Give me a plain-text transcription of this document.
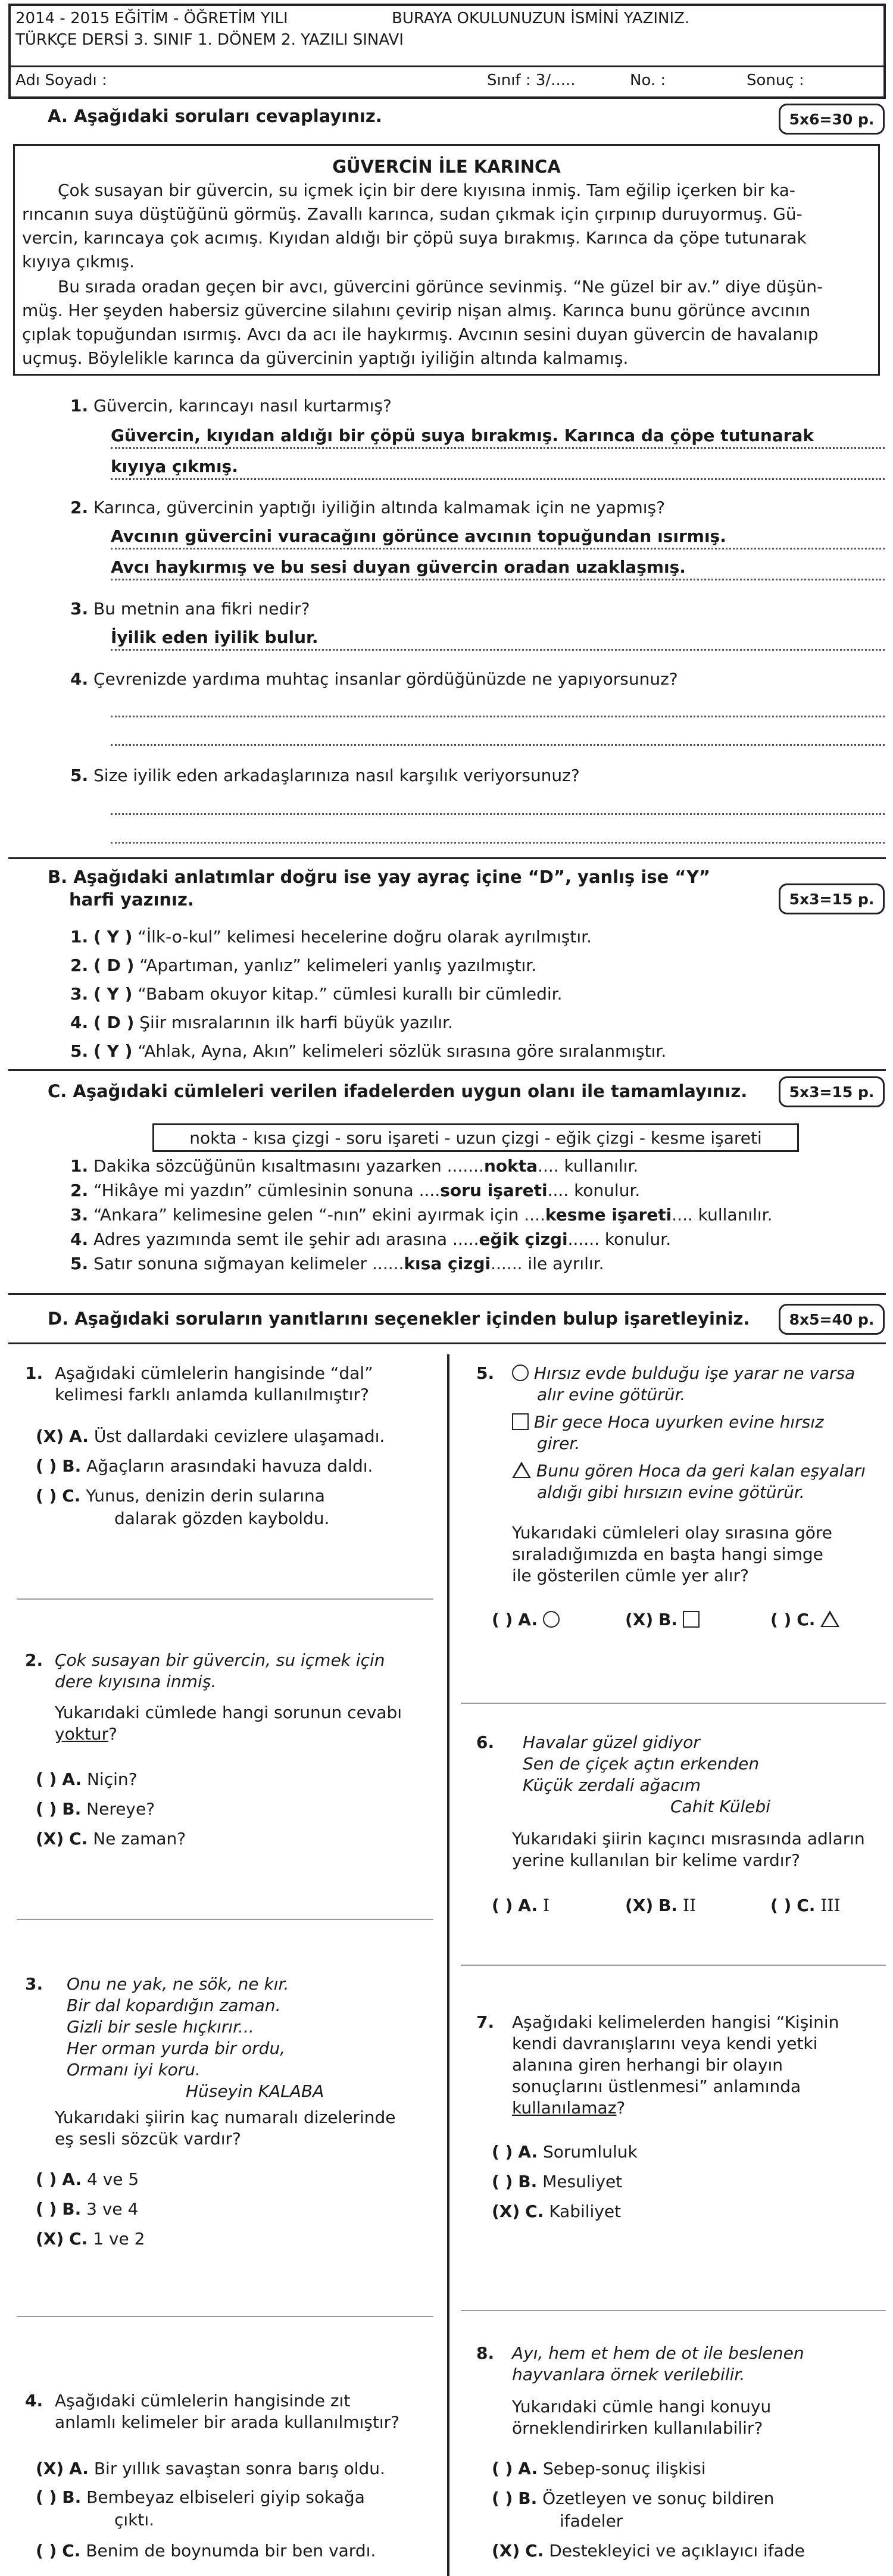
2014 - 2015 EĞİTİM - ÖĞRETİM YILI	BURAYA OKULUNUZUN İSMİNİ YAZINIZ.
TÜRKÇE DERSİ 3. SINIF 1. DÖNEM 2. YAZILI SINAVI
Adı Soyadı :	Sınıf : 3/.....	No. :	Sonuç :
A. Aşağıdaki soruları cevaplayınız.	5x6=30 p.
GÜVERCİN İLE KARINCA
Çok susayan bir güvercin, su içmek için bir dere kıyısına inmiş. Tam eğilip içerken bir ka-
rıncanın suya düştüğünü görmüş. Zavallı karınca, sudan çıkmak için çırpınıp duruyormuş. Gü-
vercin, karıncaya çok acımış. Kıyıdan aldığı bir çöpü suya bırakmış. Karınca da çöpe tutunarak
kıyıya çıkmış.
Bu sırada oradan geçen bir avcı, güvercini görünce sevinmiş. “Ne güzel bir av.” diye düşün-
müş. Her şeyden habersiz güvercine silahını çevirip nişan almış. Karınca bunu görünce avcının
çıplak topuğundan ısırmış. Avcı da acı ile haykırmış. Avcının sesini duyan güvercin de havalanıp
uçmuş. Böylelikle karınca da güvercinin yaptığı iyiliğin altında kalmamış.
1. Güvercin, karıncayı nasıl kurtarmış?
Güvercin, kıyıdan aldığı bir çöpü suya bırakmış. Karınca da çöpe tutunarak
kıyıya çıkmış.
2. Karınca, güvercinin yaptığı iyiliğin altında kalmamak için ne yapmış?
Avcının güvercini vuracağını görünce avcının topuğundan ısırmış.
Avcı haykırmış ve bu sesi duyan güvercin oradan uzaklaşmış.
3. Bu metnin ana fikri nedir?
İyilik eden iyilik bulur.
4. Çevrenizde yardıma muhtaç insanlar gördüğünüzde ne yapıyorsunuz?
5. Size iyilik eden arkadaşlarınıza nasıl karşılık veriyorsunuz?
B. Aşağıdaki anlatımlar doğru ise yay ayraç içine “D”, yanlış ise “Y”
harfi yazınız.	5x3=15 p.
1. ( Y ) “İlk-o-kul” kelimesi hecelerine doğru olarak ayrılmıştır.
2. ( D ) “Apartıman, yanlız” kelimeleri yanlış yazılmıştır.
3. ( Y ) “Babam okuyor kitap.” cümlesi kurallı bir cümledir.
4. ( D ) Şiir mısralarının ilk harfi büyük yazılır.
5. ( Y ) “Ahlak, Ayna, Akın” kelimeleri sözlük sırasına göre sıralanmıştır.
C. Aşağıdaki cümleleri verilen ifadelerden uygun olanı ile tamamlayınız.	5x3=15 p.
nokta - kısa çizgi - soru işareti - uzun çizgi - eğik çizgi - kesme işareti
1. Dakika sözcüğünün kısaltmasını yazarken .......nokta.... kullanılır.
2. “Hikâye mi yazdın” cümlesinin sonuna ....soru işareti.... konulur.
3. “Ankara” kelimesine gelen “-nın” ekini ayırmak için ....kesme işareti.... kullanılır.
4. Adres yazımında semt ile şehir adı arasına .....eğik çizgi...... konulur.
5. Satır sonuna sığmayan kelimeler ......kısa çizgi...... ile ayrılır.
D. Aşağıdaki soruların yanıtlarını seçenekler içinden bulup işaretleyiniz.	8x5=40 p.
1. Aşağıdaki cümlelerin hangisinde “dal”
kelimesi farklı anlamda kullanılmıştır?
(X) A. Üst dallardaki cevizlere ulaşamadı.
( ) B. Ağaçların arasındaki havuza daldı.
( ) C. Yunus, denizin derin sularına
dalarak gözden kayboldu.
2. Çok susayan bir güvercin, su içmek için
dere kıyısına inmiş.
Yukarıdaki cümlede hangi sorunun cevabı
yoktur?
( ) A. Niçin?
( ) B. Nereye?
(X) C. Ne zaman?
3. Onu ne yak, ne sök, ne kır.
Bir dal kopardığın zaman.
Gizli bir sesle hıçkırır...
Her orman yurda bir ordu,
Ormanı iyi koru.
Hüseyin KALABA
Yukarıdaki şiirin kaç numaralı dizelerinde
eş sesli sözcük vardır?
( ) A. 4 ve 5
( ) B. 3 ve 4
(X) C. 1 ve 2
4. Aşağıdaki cümlelerin hangisinde zıt
anlamlı kelimeler bir arada kullanılmıştır?
(X) A. Bir yıllık savaştan sonra barış oldu.
( ) B. Bembeyaz elbiseleri giyip sokağa
çıktı.
( ) C. Benim de boynumda bir ben vardı.
5.	Hırsız evde bulduğu işe yarar ne varsa
alır evine götürür.
Bir gece Hoca uyurken evine hırsız
girer.
Bunu gören Hoca da geri kalan eşyaları
aldığı gibi hırsızın evine götürür.
Yukarıdaki cümleleri olay sırasına göre
sıraladığımızda en başta hangi simge
ile gösterilen cümle yer alır?
( ) A.	(X) B.	( ) C.
6. Havalar güzel gidiyor
Sen de çiçek açtın erkenden
Küçük zerdali ağacım
Cahit Külebi
Yukarıdaki şiirin kaçıncı mısrasında adların
yerine kullanılan bir kelime vardır?
( ) A. I	(X) B. II	( ) C. III
7. Aşağıdaki kelimelerden hangisi “Kişinin
kendi davranışlarını veya kendi yetki
alanına giren herhangi bir olayın
sonuçlarını üstlenmesi” anlamında
kullanılamaz?
( ) A. Sorumluluk
( ) B. Mesuliyet
(X) C. Kabiliyet
8. Ayı, hem et hem de ot ile beslenen
hayvanlara örnek verilebilir.
Yukarıdaki cümle hangi konuyu
örneklendirirken kullanılabilir?
( ) A. Sebep-sonuç ilişkisi
( ) B. Özetleyen ve sonuç bildiren
ifadeler
(X) C. Destekleyici ve açıklayıcı ifade
